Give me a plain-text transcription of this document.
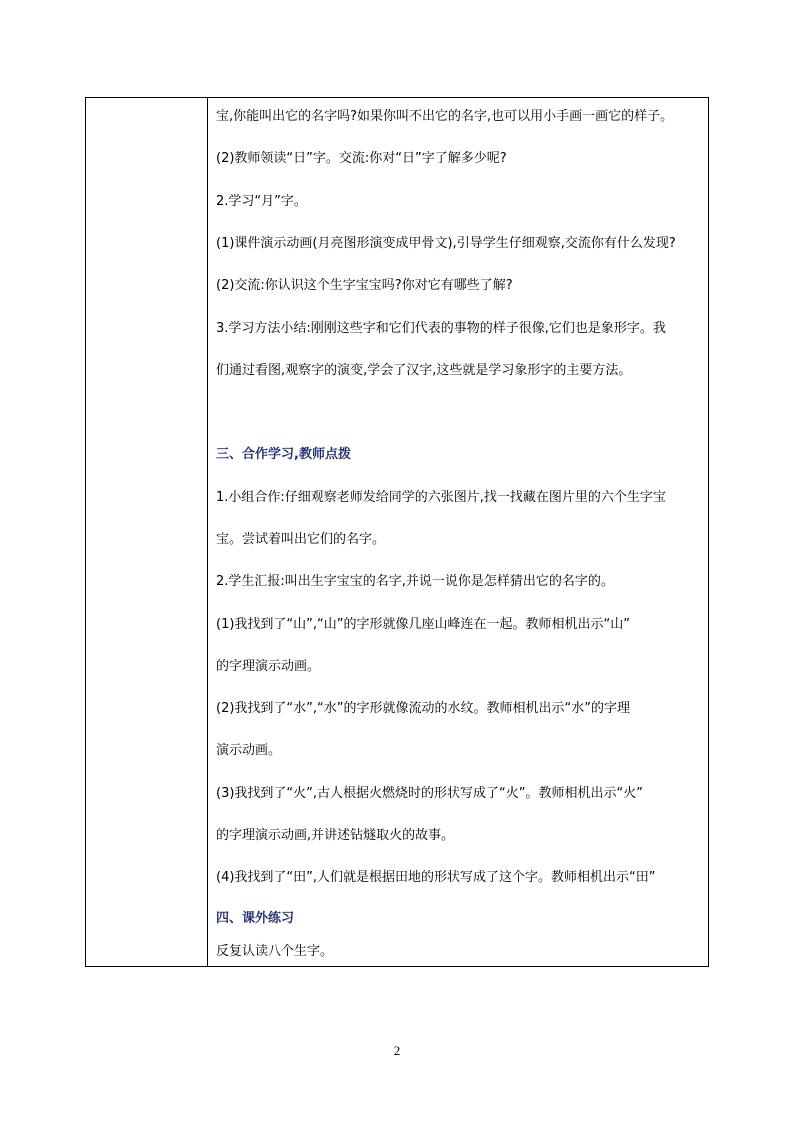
宝,你能叫出它的名字吗?如果你叫不出它的名字,也可以用小手画一画它的样子。
(2)教师领读“日”字。交流:你对“日”字了解多少呢?
2.学习“月”字。
(1)课件演示动画(月亮图形演变成甲骨文),引导学生仔细观察,交流你有什么发现?
(2)交流:你认识这个生字宝宝吗?你对它有哪些了解?
3.学习方法小结:刚刚这些字和它们代表的事物的样子很像,它们也是象形字。我
们通过看图,观察字的演变,学会了汉字,这些就是学习象形字的主要方法。
三、合作学习,教师点拨
1.小组合作:仔细观察老师发给同学的六张图片,找一找藏在图片里的六个生字宝
宝。尝试着叫出它们的名字。
2.学生汇报:叫出生字宝宝的名字,并说一说你是怎样猜出它的名字的。
(1)我找到了“山”,“山”的字形就像几座山峰连在一起。教师相机出示“山”
的字理演示动画。
(2)我找到了“水”,“水”的字形就像流动的水纹。教师相机出示“水”的字理
演示动画。
(3)我找到了“火”,古人根据火燃烧时的形状写成了“火”。教师相机出示“火”
的字理演示动画,并讲述钻燧取火的故事。
(4)我找到了“田”,人们就是根据田地的形状写成了这个字。教师相机出示“田”
四、课外练习
反复认读八个生字。
2
